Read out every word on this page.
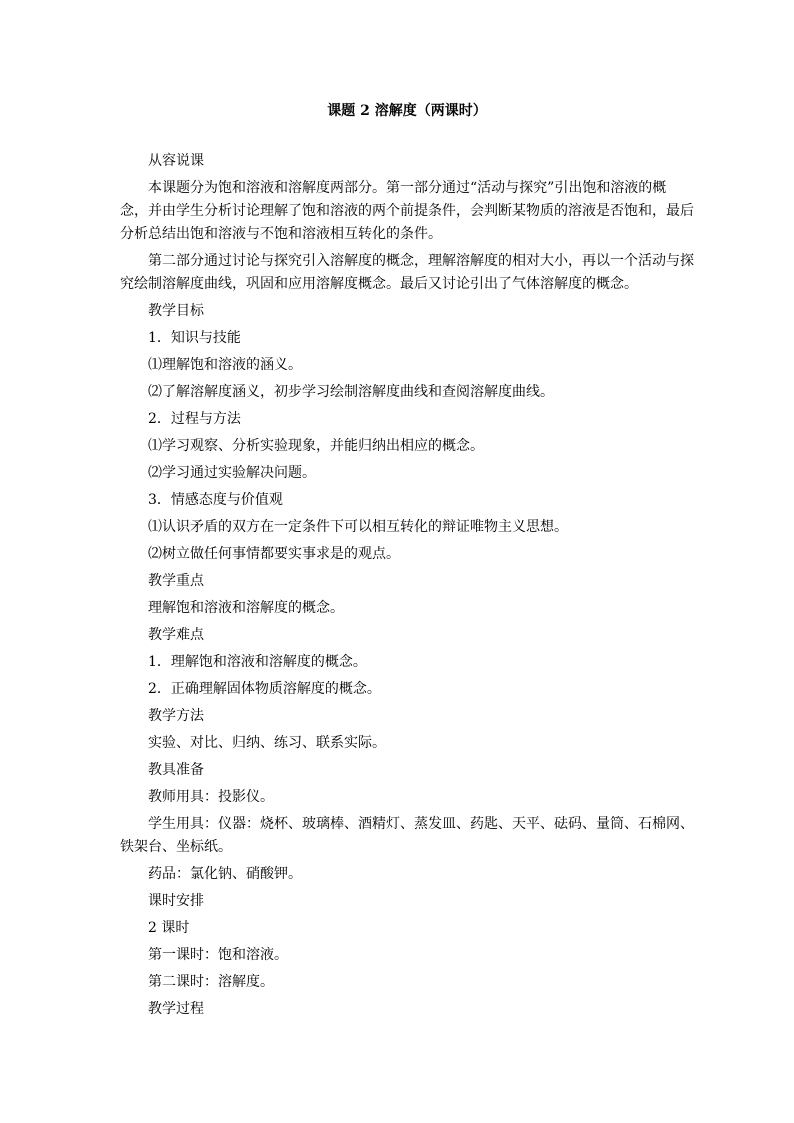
课题 2 溶解度（两课时）
从容说课
本课题分为饱和溶液和溶解度两部分。第一部分通过“活动与探究”引出饱和溶液的概念，并由学生分析讨论理解了饱和溶液的两个前提条件，会判断某物质的溶液是否饱和，最后分析总结出饱和溶液与不饱和溶液相互转化的条件。
第二部分通过讨论与探究引入溶解度的概念，理解溶解度的相对大小，再以一个活动与探究绘制溶解度曲线，巩固和应用溶解度概念。最后又讨论引出了气体溶解度的概念。
教学目标
1．知识与技能
⑴理解饱和溶液的涵义。
⑵了解溶解度涵义，初步学习绘制溶解度曲线和查阅溶解度曲线。
2．过程与方法
⑴学习观察、分析实验现象，并能归纳出相应的概念。
⑵学习通过实验解决问题。
3．情感态度与价值观
⑴认识矛盾的双方在一定条件下可以相互转化的辩证唯物主义思想。
⑵树立做任何事情都要实事求是的观点。
教学重点
理解饱和溶液和溶解度的概念。
教学难点
1．理解饱和溶液和溶解度的概念。
2．正确理解固体物质溶解度的概念。
教学方法
实验、对比、归纳、练习、联系实际。
教具准备
教师用具：投影仪。
学生用具：仪器：烧杯、玻璃棒、酒精灯、蒸发皿、药匙、天平、砝码、量筒、石棉网、铁架台、坐标纸。
药品：氯化钠、硝酸钾。
课时安排
2 课时
第一课时：饱和溶液。
第二课时：溶解度。
教学过程
